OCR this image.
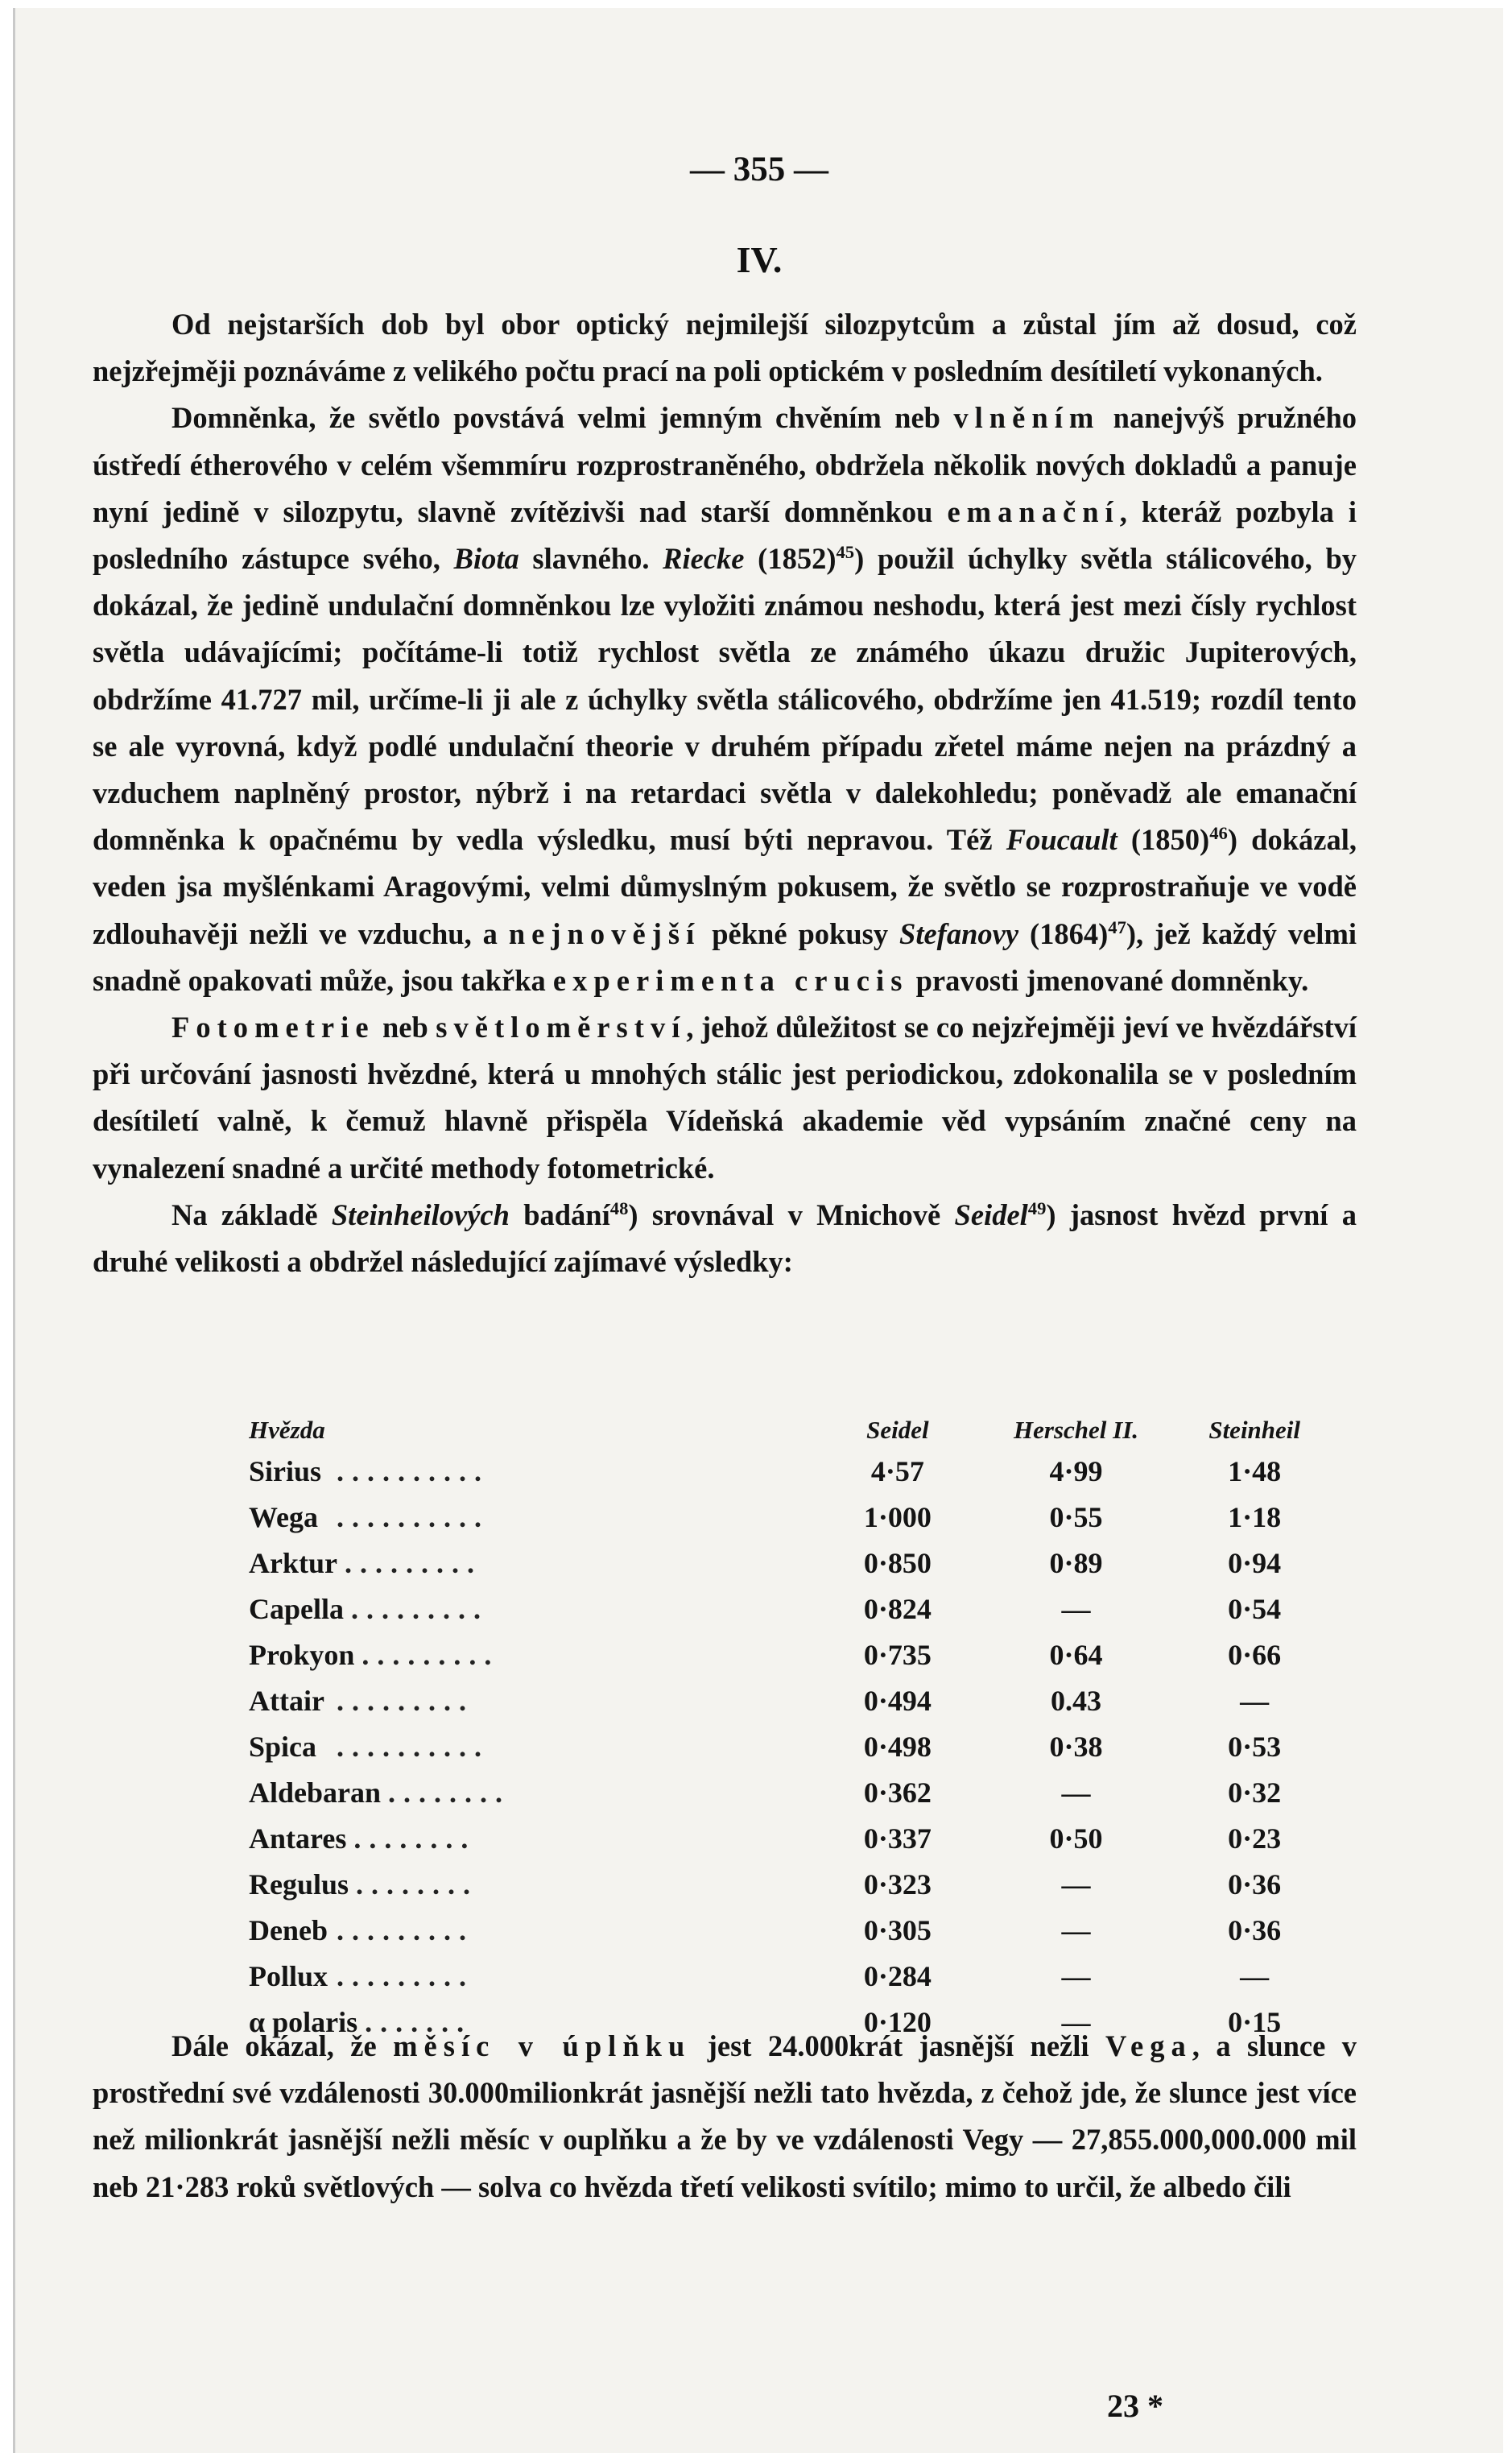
— 355 —
IV.

Od nejstarších dob byl obor optický nejmilejší silozpytcům a zůstal jím až dosud, což nejzřejměji poznáváme z velikého počtu prací na poli optickém v posledním desítiletí vykonaných.

Domněnka, že světlo povstává velmi jemným chvěním neb vlněním nanejvýš pružného ústředí étherového v celém všemmíru rozprostraněného, obdržela několik nových dokladů a panuje nyní jedině v silozpytu, slavně zvítězivši nad starší domněnkou emanační, kteráž pozbyla i posledního zástupce svého, Biota slavného. Riecke $(1852)^{45}$) použil úchylky světla stálicového, by dokázal, že jedině undulační domněnkou lze vyložiti známou neshodu, která jest mezi čísly rychlost světla udávajícími; počítáme-li totiž rychlost světla ze známého úkazu družic Jupiterových, obdržíme 41.727 mil, určíme-li ji ale z úchylky světla stálicového, obdržíme jen 41.519; rozdíl tento se ale vyrovná, když podlé undulační theorie v druhém případu zřetel máme nejen na prázdný a vzduchem naplněný prostor, nýbrž i na retardaci světla v dalekohledu; poněvadž ale emanační domněnka k opačnému by vedla výsledku, musí býti nepravou. Též Foucault $(1850)^{46}$) dokázal, veden jsa myšlénkami Aragovými, velmi důmyslným pokusem, že světlo se rozprostraňuje ve vodě zdlouhavěji nežli ve vzduchu, a nejnovější pěkné pokusy Stefanovy $(1864)^{47}$), jež každý velmi snadně opakovati může, jsou takřka experimenta crucis pravosti jmenované domněnky.

Fotometrie neb světloměrství, jehož důležitost se co nejzřejměji jeví ve hvězdářství při určování jasnosti hvězdné, která u mnohých stálic jest periodickou, zdokonalila se v posledním desítiletí valně, k čemuž hlavně přispěla Vídeňská akademie věd vypsáním značné ceny na vynalezení snadné a určité methody fotometrické.

Na základě Steinheilových badání$^{48}$) srovnával v Mnichově Seidel$^{49}$) jasnost hvězd první a druhé velikosti a obdržel následující zajímavé výsledky:

Hvězda	Seidel	Herschel II.	Steinheil
Sirius ..........	4·57	4·99	1·48
Wega ..........	1·000	0·55	1·18
Arktur .........	0·850	0·89	0·94
Capella .........	0·824	—	0·54
Prokyon .........	0·735	0·64	0·66
Attair .........	0·494	0.43	—
Spica ..........	0·498	0·38	0·53
Aldebaran ........	0·362	—	0·32
Antares ........	0·337	0·50	0·23
Regulus ........	0·323	—	0·36
Deneb .........	0·305	—	0·36
Pollux .........	0·284	—	—
α polaris .......	0·120	—	0·15

Dále okázal, že měsíc v úplňku jest 24.000krát jasnější nežli Vega, a slunce v prostřední své vzdálenosti 30.000milionkrát jasnější nežli tato hvězda, z čehož jde, že slunce jest více než milionkrát jasnější nežli měsíc v ouplňku a že by ve vzdálenosti Vegy — 27,855.000,000.000 mil neb 21·283 roků světlových — solva co hvězda třetí velikosti svítilo; mimo to určil, že albedo čili

23 *
